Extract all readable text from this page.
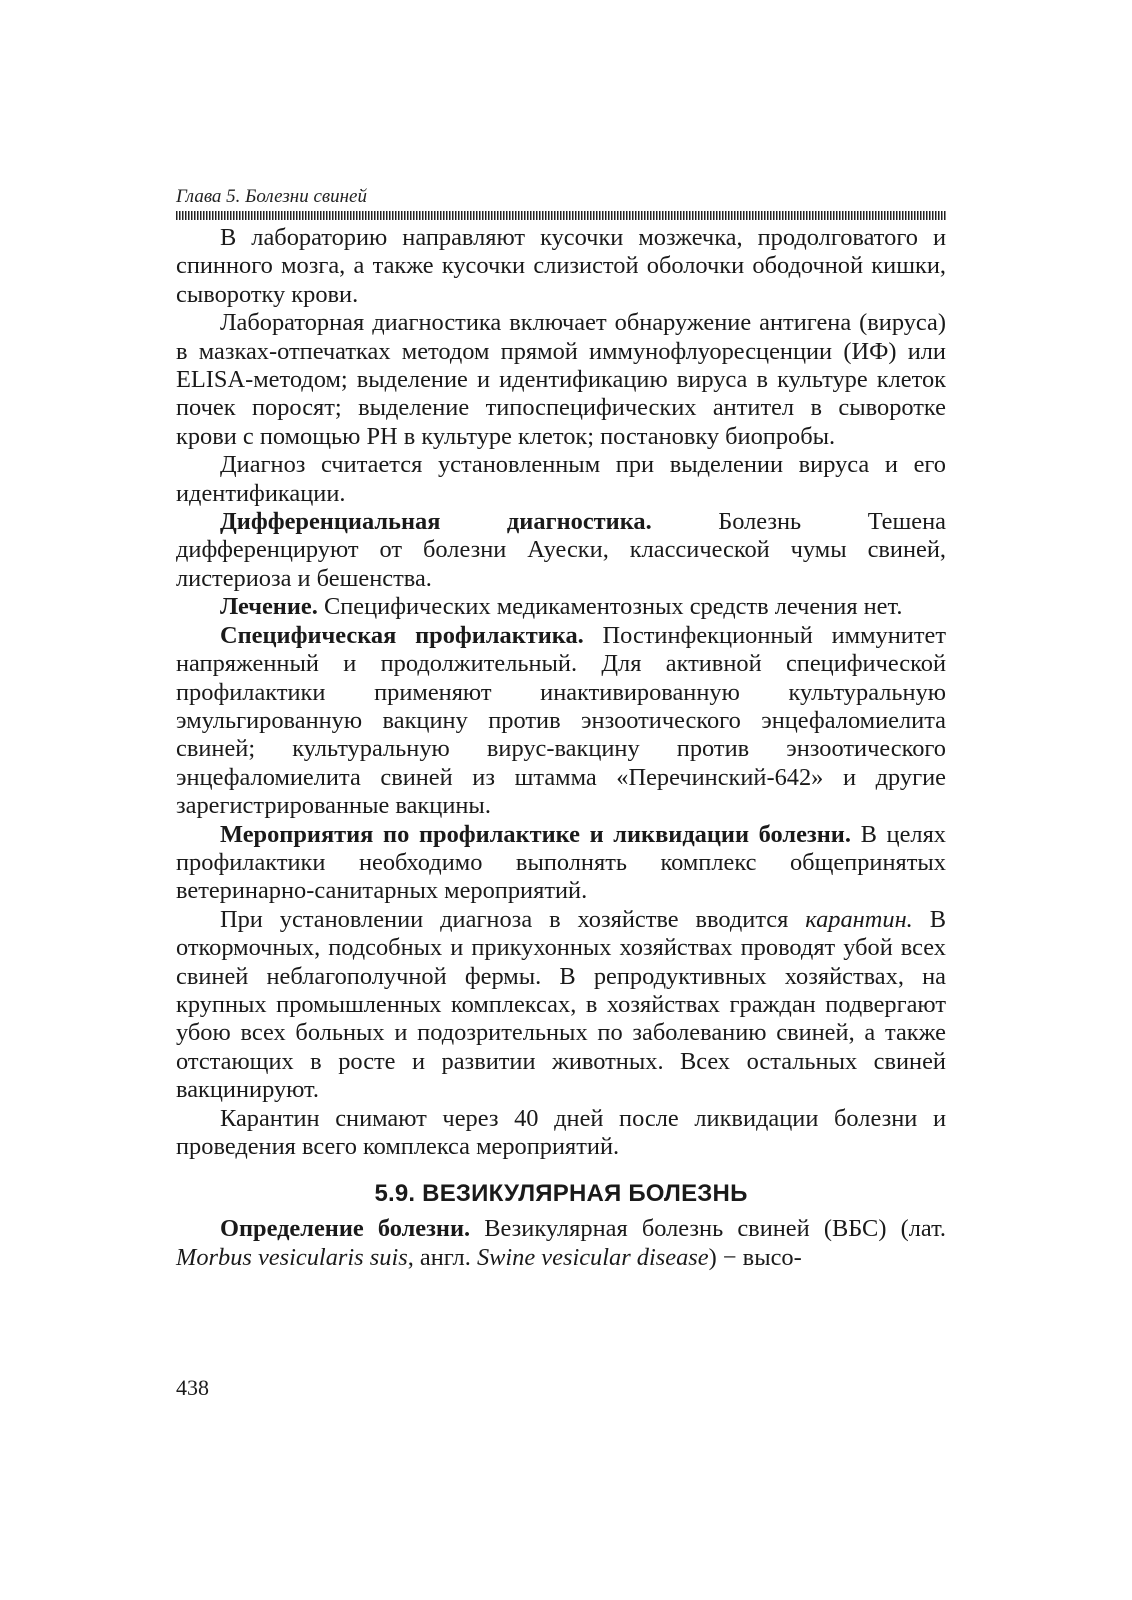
Глава 5. Болезни свиней

В лабораторию направляют кусочки мозжечка, продолговатого и спинного мозга, а также кусочки слизистой оболочки ободочной кишки, сыворотку крови.

Лабораторная диагностика включает обнаружение антигена (вируса) в мазках-отпечатках методом прямой иммунофлуоресценции (ИФ) или ELISA-методом; выделение и идентификацию вируса в культуре клеток почек поросят; выделение типоспецифических антител в сыворотке крови с помощью РН в культуре клеток; постановку биопробы.

Диагноз считается установленным при выделении вируса и его идентификации.

Дифференциальная диагностика. Болезнь Тешена дифференцируют от болезни Ауески, классической чумы свиней, листериоза и бешенства.

Лечение. Специфических медикаментозных средств лечения нет.

Специфическая профилактика. Постинфекционный иммунитет напряженный и продолжительный. Для активной специфической профилактики применяют инактивированную культуральную эмульгированную вакцину против энзоотического энцефаломиелита свиней; культуральную вирус-вакцину против энзоотического энцефаломиелита свиней из штамма «Перечинский-642» и другие зарегистрированные вакцины.

Мероприятия по профилактике и ликвидации болезни. В целях профилактики необходимо выполнять комплекс общепринятых ветеринарно-санитарных мероприятий.

При установлении диагноза в хозяйстве вводится карантин. В откормочных, подсобных и прикухонных хозяйствах проводят убой всех свиней неблагополучной фермы. В репродуктивных хозяйствах, на крупных промышленных комплексах, в хозяйствах граждан подвергают убою всех больных и подозрительных по заболеванию свиней, а также отстающих в росте и развитии животных. Всех остальных свиней вакцинируют.

Карантин снимают через 40 дней после ликвидации болезни и проведения всего комплекса мероприятий.

5.9. ВЕЗИКУЛЯРНАЯ БОЛЕЗНЬ

Определение болезни. Везикулярная болезнь свиней (ВБС) (лат. Morbus vesicularis suis, англ. Swine vesicular disease) − высо-

438
